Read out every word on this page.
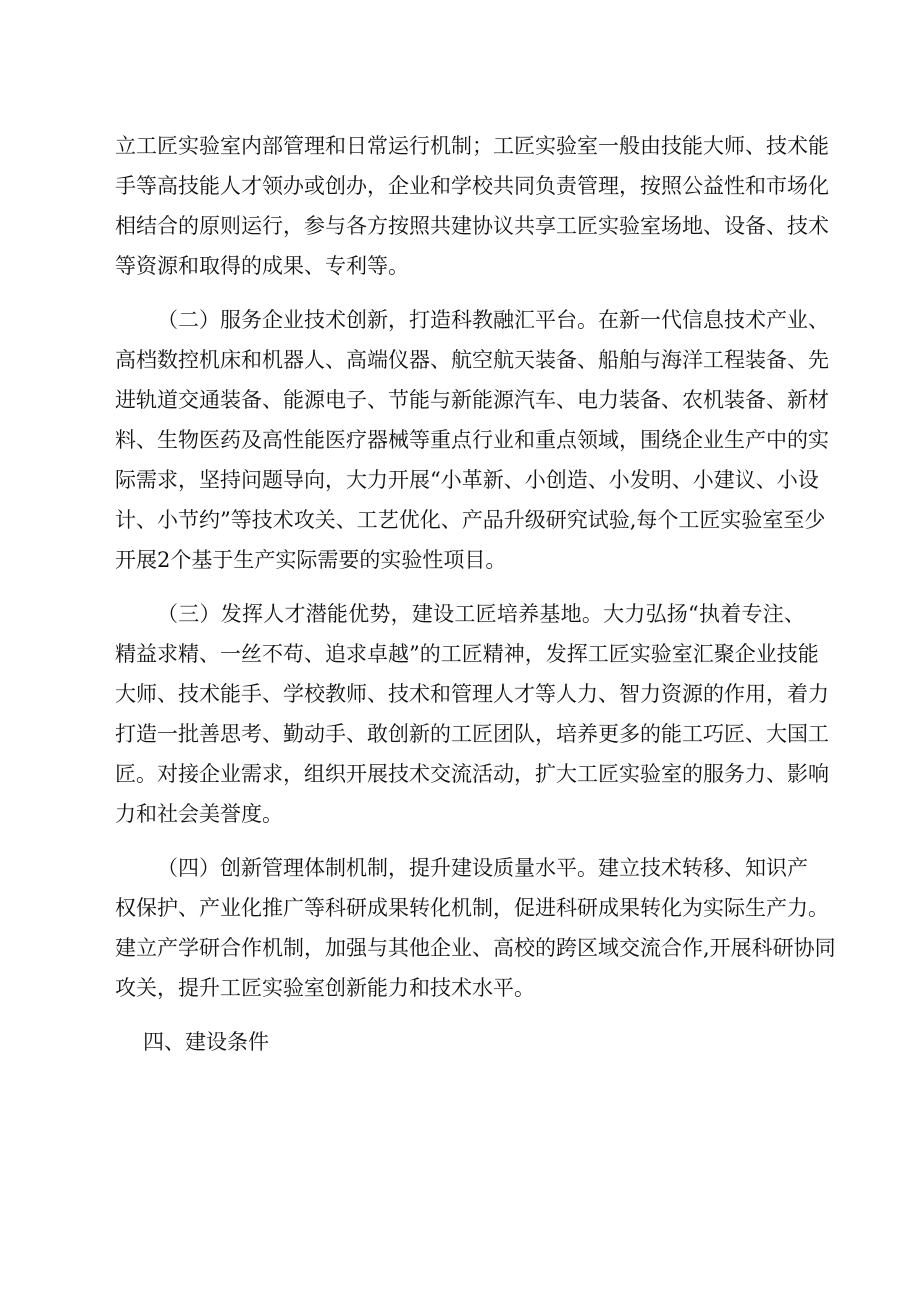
立工匠实验室内部管理和日常运行机制；工匠实验室一般由技能大师、技术能
手等高技能人才领办或创办，企业和学校共同负责管理，按照公益性和市场化
相结合的原则运行，参与各方按照共建协议共享工匠实验室场地、设备、技术
等资源和取得的成果、专利等。
（二）服务企业技术创新，打造科教融汇平台。在新一代信息技术产业、
高档数控机床和机器人、高端仪器、航空航天装备、船舶与海洋工程装备、先
进轨道交通装备、能源电子、节能与新能源汽车、电力装备、农机装备、新材
料、生物医药及高性能医疗器械等重点行业和重点领域，围绕企业生产中的实
际需求，坚持问题导向，大力开展“小革新、小创造、小发明、小建议、小设
计、小节约”等技术攻关、工艺优化、产品升级研究试验,每个工匠实验室至少
开展2个基于生产实际需要的实验性项目。
（三）发挥人才潜能优势，建设工匠培养基地。大力弘扬“执着专注、
精益求精、一丝不苟、追求卓越”的工匠精神，发挥工匠实验室汇聚企业技能
大师、技术能手、学校教师、技术和管理人才等人力、智力资源的作用，着力
打造一批善思考、勤动手、敢创新的工匠团队，培养更多的能工巧匠、大国工
匠。对接企业需求，组织开展技术交流活动，扩大工匠实验室的服务力、影响
力和社会美誉度。
（四）创新管理体制机制，提升建设质量水平。建立技术转移、知识产
权保护、产业化推广等科研成果转化机制，促进科研成果转化为实际生产力。
建立产学研合作机制，加强与其他企业、高校的跨区域交流合作,开展科研协同
攻关，提升工匠实验室创新能力和技术水平。
四、建设条件
